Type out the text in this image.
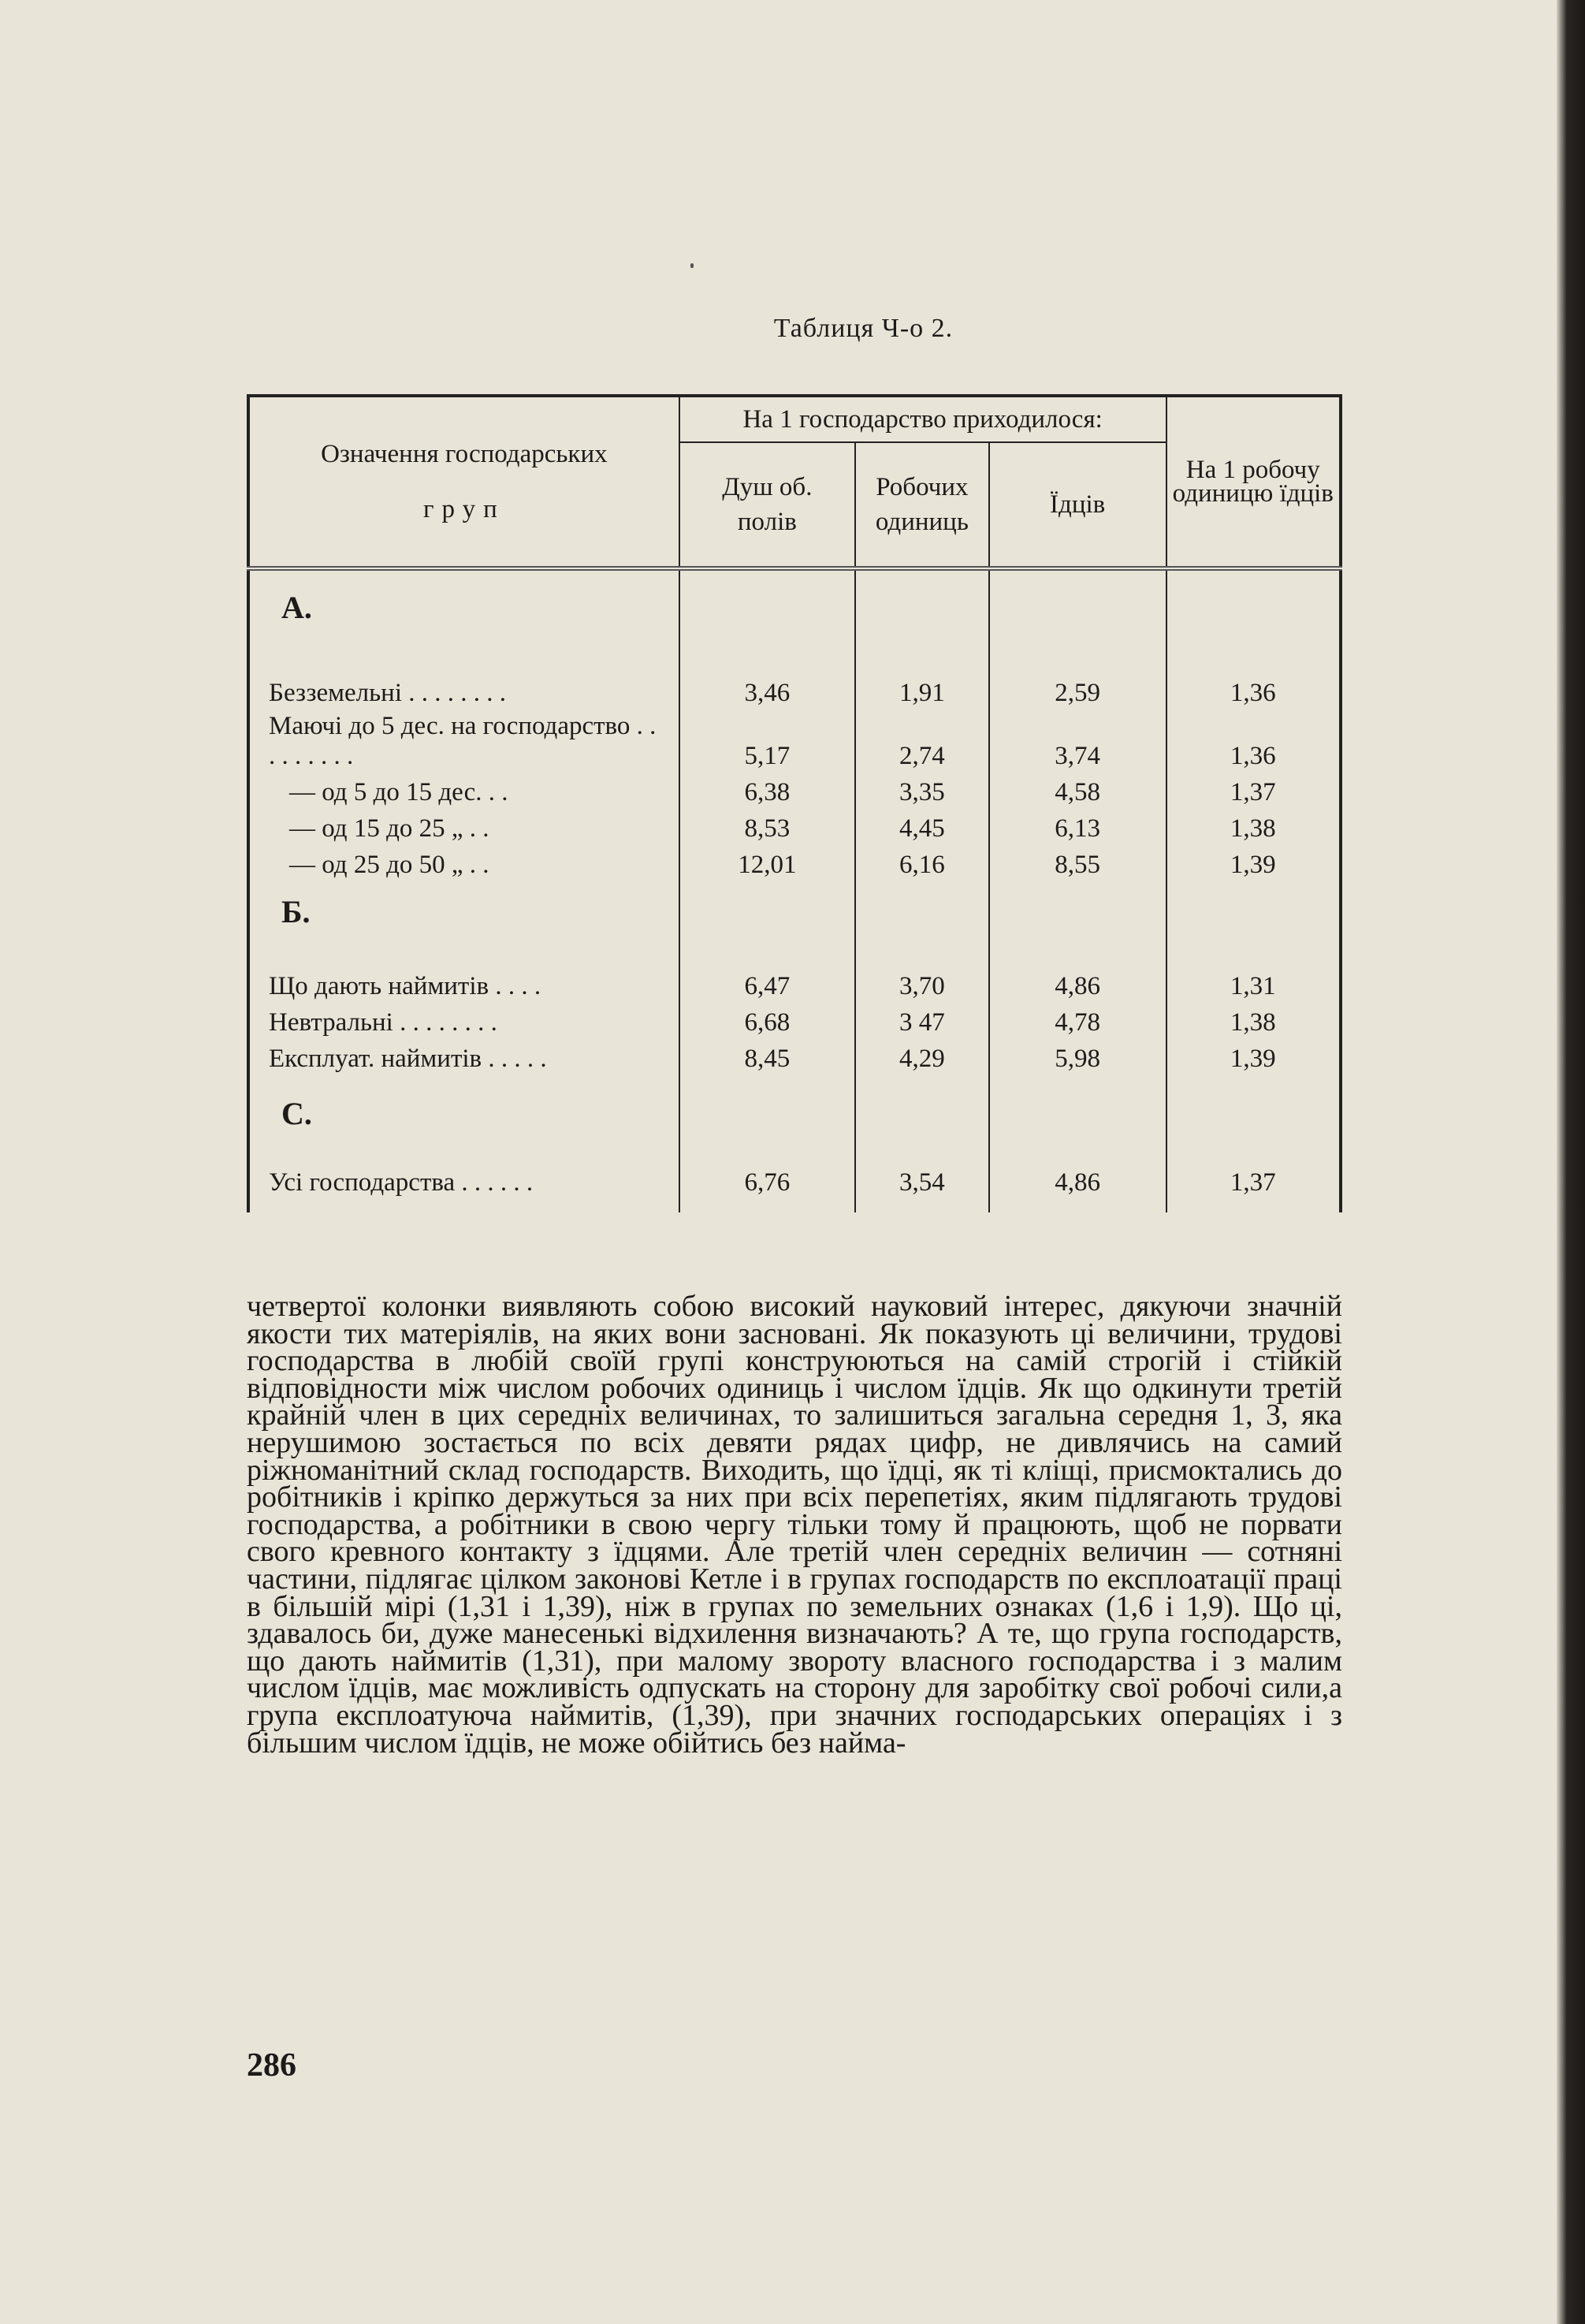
Таблиця Ч-о 2.
Означення господарських
груп	На 1 господарство приходилося:			На 1 робочу одиницю їдців

	Душ об. полів	Робочих одиниць	Їдців	
А.				
Безземельні . . . . . . . .	3,46	1,91	2,59	1,36
Маючі до 5 дес. на господарство . . . . . . . . .	5,17	2,74	3,74	1,36
— од 5 до 15 дес. . .	6,38	3,35	4,58	1,37
— од 15 до 25 „ . .	8,53	4,45	6,13	1,38
— од 25 до 50 „ . .	12,01	6,16	8,55	1,39
Б.				
Що дають наймитів . . . .	6,47	3,70	4,86	1,31
Невтральні . . . . . . . .	6,68	3 47	4,78	1,38
Експлуат. наймитів . . . . .	8,45	4,29	5,98	1,39
С.				
Усі господарства . . . . . .	6,76	3,54	4,86	1,37

четвертої колонки виявляють собою високий науковий інтерес, дякуючи значній якости тих матеріялів, на яких вони засновані. Як показують ці величини, трудові господарства в любій своїй групі конструюються на самій строгій і стійкій відповідности між числом робочих одиниць і числом їдців. Як що одкинути третій крайній член в цих середніх величинах, то залишиться загальна середня 1, 3, яка нерушимою зостається по всіх девяти рядах цифр, не дивлячись на самий ріжноманітний склад господарств. Виходить, що їдці, як ті кліщі, присмоктались до робітників і кріпко держуться за них при всіх перепетіях, яким підлягають трудові господарства, а робітники в свою чергу тільки тому й працюють, щоб не порвати свого кревного контакту з їдцями. Але третій член середніх величин — сотняні частини, підлягає цілком законові Кетле і в групах господарств по експлоатації праці в більшій мірі (1,31 і 1,39), ніж в групах по земельних ознаках (1,6 і 1,9). Що ці, здавалось би, дуже манесенькі відхилення визначають? А те, що група господарств, що дають наймитів (1,31), при малому звороту власного господарства і з малим числом їдців, має можливість одпускать на сторону для заробітку свої робочі сили,а група експлоатуюча наймитів, (1,39), при значних господарських операціях і з більшим числом їдців, не може обійтись без найма-

286
